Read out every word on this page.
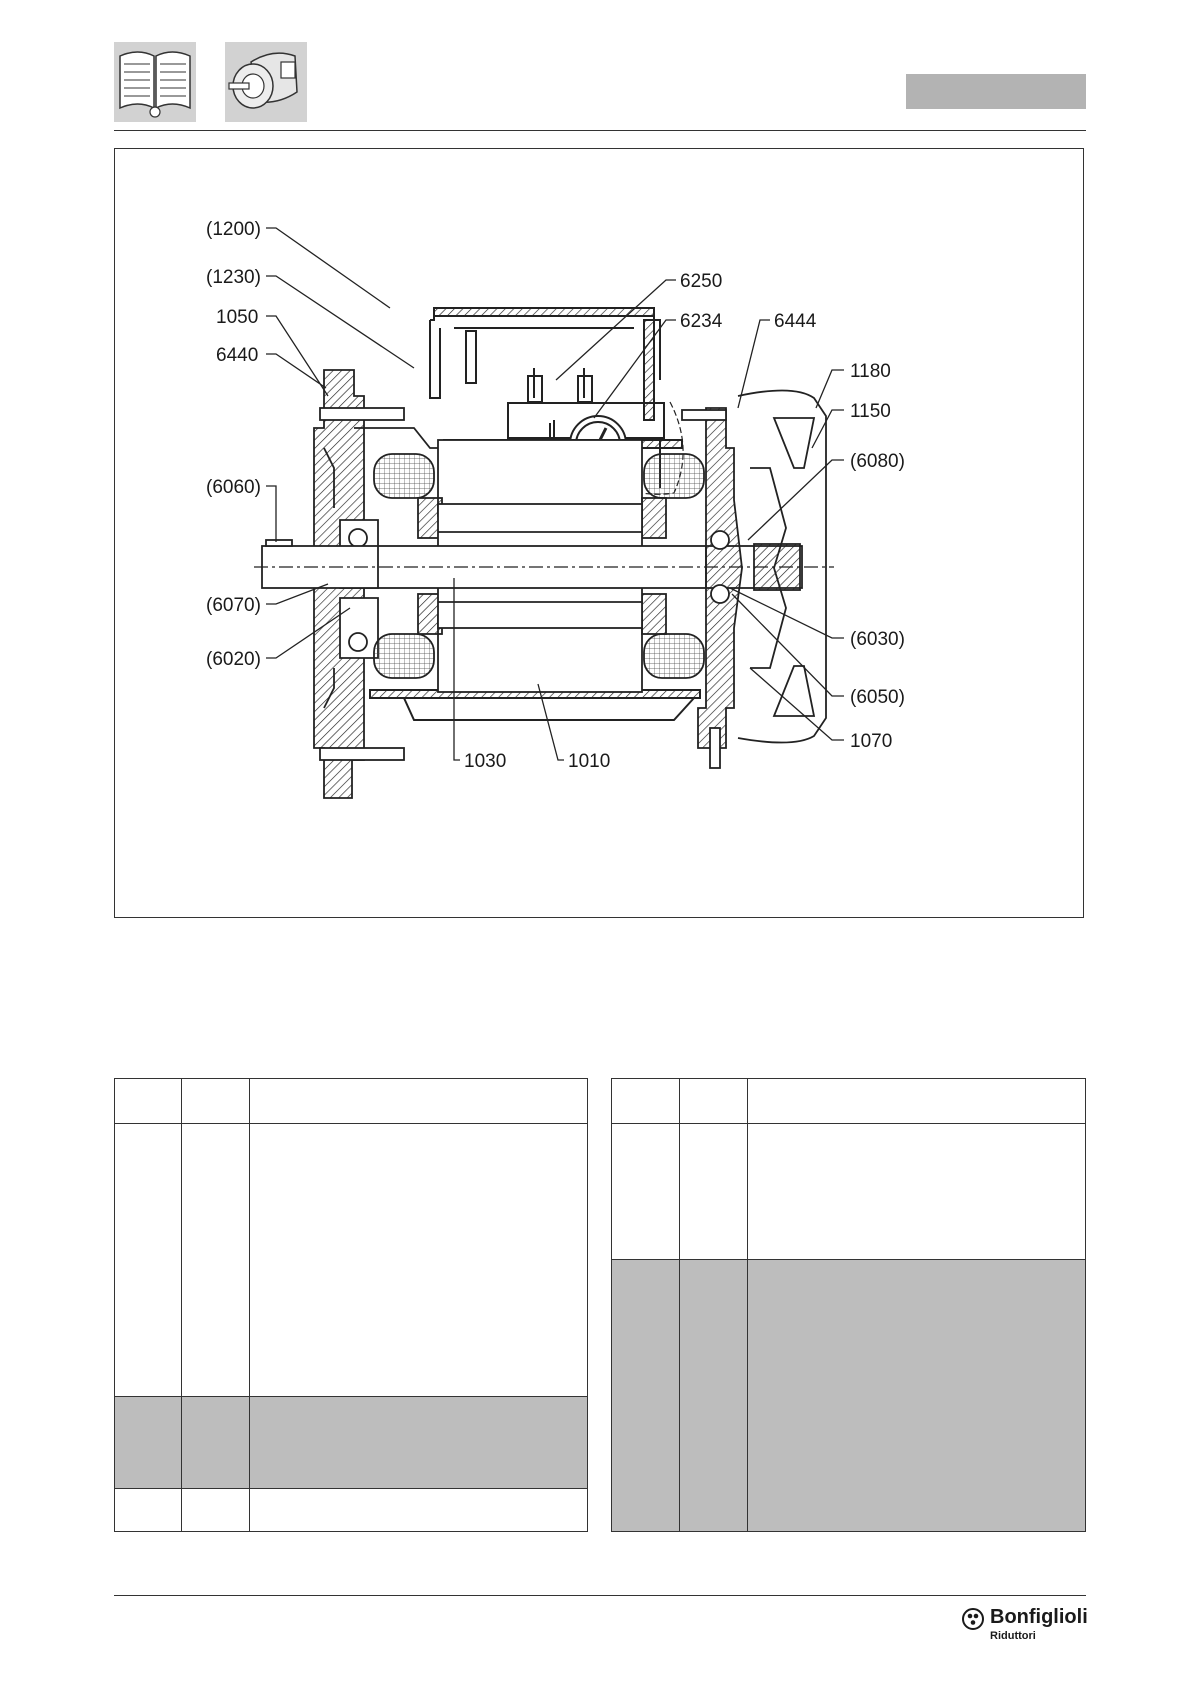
(1200)
(1230)
1050
6440
(6060)
(6070)
(6020)
6250
6234	6444
1180
1150
(6080)
(6030)
(6050)
1070
1030	1010

Bonfiglioli
Riduttori
